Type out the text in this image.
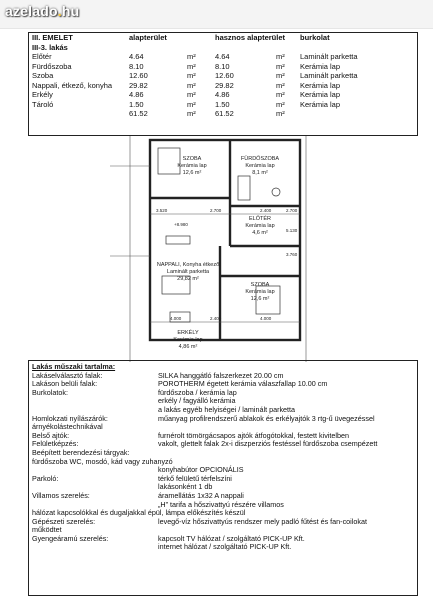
azelado.hu
III. EMELET	alapterület	hasznos alapterület burkolat
III-3. lakás
Előtér	4.64	m²	4.64	m² Laminált parketta
Fürdőszoba	8.10	m²	8.10	m² Kerámia lap
Szoba	12.60	m²	12.60	m² Laminált parketta
Nappali, étkező, konyha 29.82	m²	29.82	m² Kerámia lap
Erkély	4.86	m²	4.86	m² Kerámia lap
Tároló	1.50	m²	1.50	m² Kerámia lap
61.52	m²	61.52	m²
SZOBA
Kerámia lap
12,6 m²
FÜRDŐSZOBA
Kerámia lap
8,1 m²
ELŐTÉR
Kerámia lap
4,6 m²
NAPPALI, Konyha étkező
Laminált parketta
29,82 m²
SZOBA
Kerámia lap
12,6 m²
ERKÉLY
Kerámia lap
4,86 m²
3.520	2.700	2.400	2.700
4.000	2.400	4.000
5.130
3.760
+8.980
Lakás műszaki tartalma:
Lakáselválasztó falak:	SILKA hanggátló falszerkezet 20.00 cm
Lakáson belüli falak:	POROTHERM égetett kerámia válaszfallap 10.00 cm
Burkolatok:	fürdőszoba / kerámia lap
erkély / fagyálló kerámia
a lakás egyéb helyiségei / laminált parketta
Homlokzati nyílászárók:	műanyag profilrendszerű ablakok és erkélyajtók 3 rtg-ű üvegezéssel
árnyékolástechnikával
Belső ajtók:	furnérolt tömörgácsapos ajtók átfogótokkal, festett kivitelben
Felületképzés:	vakolt, glettelt falak 2x-i diszperziós festéssel fürdőszoba csempézett
Beépített berendezési tárgyak:
fürdőszoba WC, mosdó, kád vagy zuhanyzó
konyhabútor OPCIONÁLIS
Parkoló:	térkő felületű térfelszíni
lakásonként 1 db
Villamos szerelés:	áramellátás 1x32 A nappali
„H” tarifa a hőszivattyú részére villamos
hálózat kapcsolókkal és dugaljakkal épül, lámpa előkészítés készül
Gépészeti szerelés:	levegő-víz hőszivattyús rendszer mely padló fűtést és fan-coilokat
működtet
Gyengeáramú szerelés:	kapcsolt TV hálózat / szolgáltató PICK-UP Kft.
internet hálózat / szolgáltató PICK-UP Kft.
